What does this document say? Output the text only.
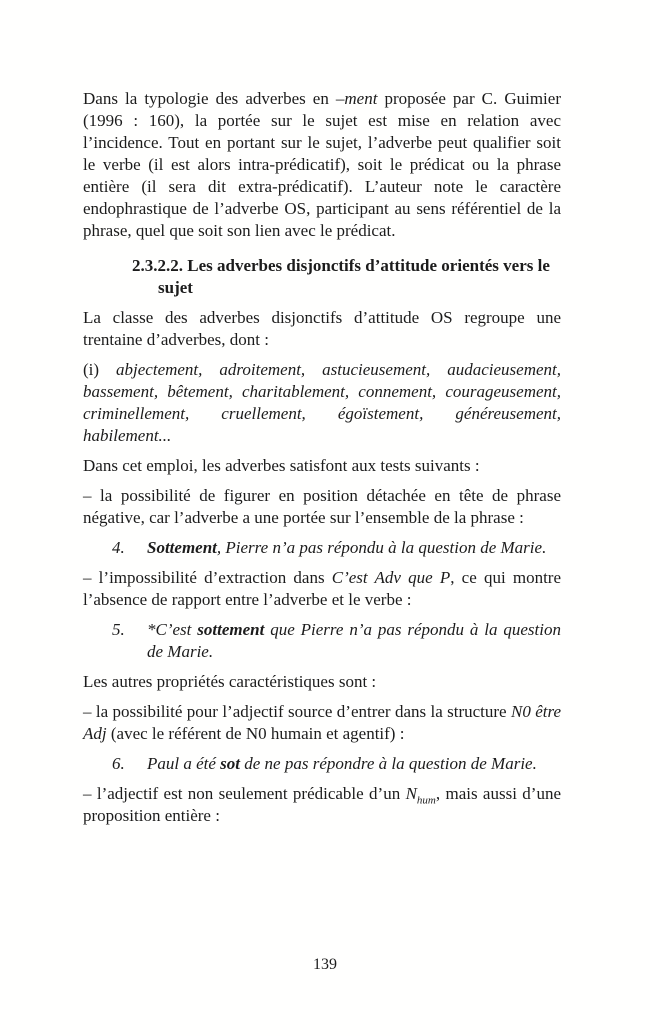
Dans la typologie des adverbes en –ment proposée par C. Guimier (1996 : 160), la portée sur le sujet est mise en relation avec l’incidence. Tout en portant sur le sujet, l’adverbe peut qualifier soit le verbe (il est alors intra-prédicatif), soit le prédicat ou la phrase entière (il sera dit extra-prédicatif). L’auteur note le caractère endophrastique de l’adverbe OS, participant au sens référentiel de la phrase, quel que soit son lien avec le prédicat.

2.3.2.2. Les adverbes disjonctifs d’attitude orientés vers le sujet

La classe des adverbes disjonctifs d’attitude OS regroupe une trentaine d’adverbes, dont :

(i) abjectement, adroitement, astucieusement, audacieusement, bassement, bêtement, charitablement, connement, courageusement, criminellement, cruellement, égoïstement, généreusement, habilement...

Dans cet emploi, les adverbes satisfont aux tests suivants :

– la possibilité de figurer en position détachée en tête de phrase négative, car l’adverbe a une portée sur l’ensemble de la phrase :

4. Sottement, Pierre n’a pas répondu à la question de Marie.

– l’impossibilité d’extraction dans C’est Adv que P, ce qui montre l’absence de rapport entre l’adverbe et le verbe :

5. *C’est sottement que Pierre n’a pas répondu à la question de Marie.

Les autres propriétés caractéristiques sont :

– la possibilité pour l’adjectif source d’entrer dans la structure N0 être Adj (avec le référent de N0 humain et agentif) :

6. Paul a été sot de ne pas répondre à la question de Marie.

– l’adjectif est non seulement prédicable d’un $N_{hum}$, mais aussi d’une proposition entière :

139
